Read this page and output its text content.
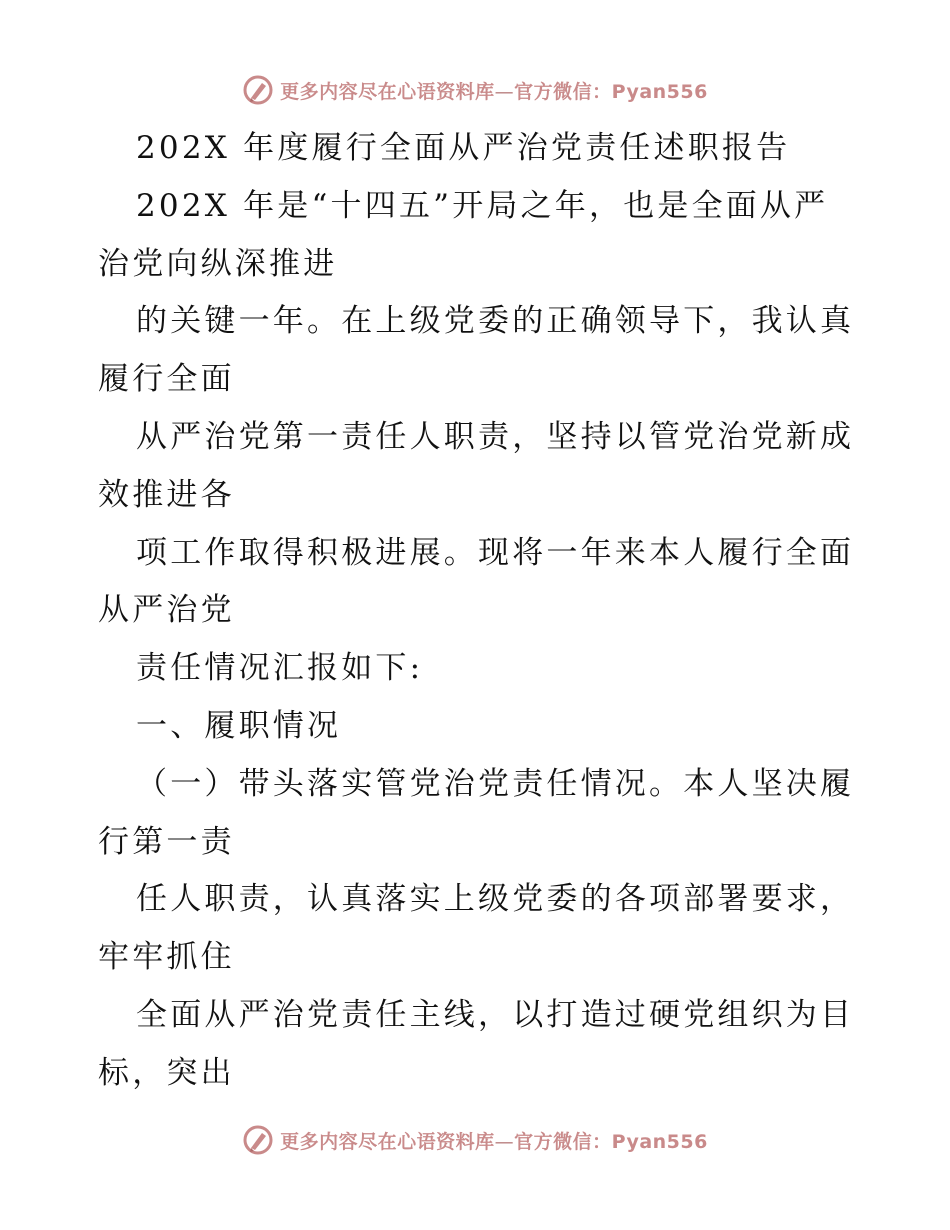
更多内容尽在心语资料库—官方微信：Pyan556
202X 年度履行全面从严治党责任述职报告
202X 年是“十四五”开局之年，也是全面从严
治党向纵深推进
的关键一年。在上级党委的正确领导下，我认真
履行全面
从严治党第一责任人职责，坚持以管党治党新成
效推进各
项工作取得积极进展。现将一年来本人履行全面
从严治党
责任情况汇报如下:
一、履职情况
（一）带头落实管党治党责任情况。本人坚决履
行第一责
任人职责，认真落实上级党委的各项部署要求，
牢牢抓住
全面从严治党责任主线，以打造过硬党组织为目
标，突出
更多内容尽在心语资料库—官方微信：Pyan556
